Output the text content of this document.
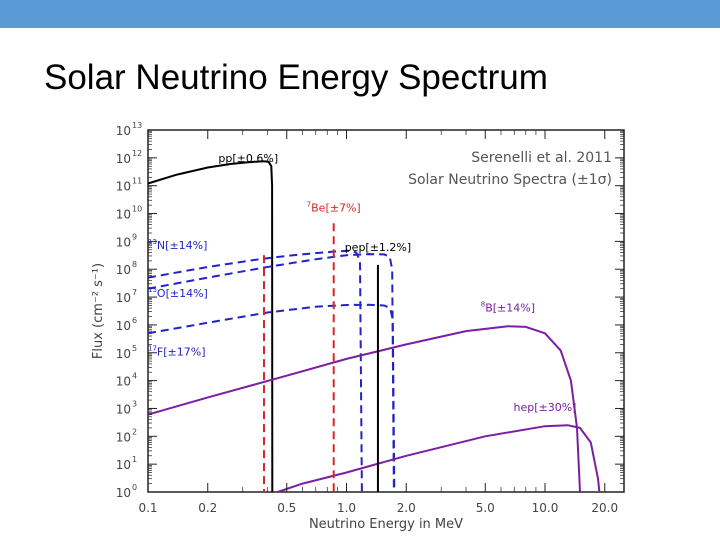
Solar Neutrino Energy Spectrum
10 0
10 1
10 2
10 3
10 4
10 5
10 6
10 7
10 8
10 9
10 10
10 11
10 12
10 13
0.1	0.2	0.5	1.0	2.0	5.0	10.0	20.0
pp[±0.6%]
$^{13}$N[±14%]
$^{15}$O[±14%]
$^{17}$F[±17%]
$^8$B[±14%]
hep[±30%]
$^7$Be[±7%]
pep[±1.2%]
Serenelli et al. 2011
Solar Neutrino Spectra (±1σ)
Neutrino Energy in MeV
Flux (cm⁻² s⁻¹)
